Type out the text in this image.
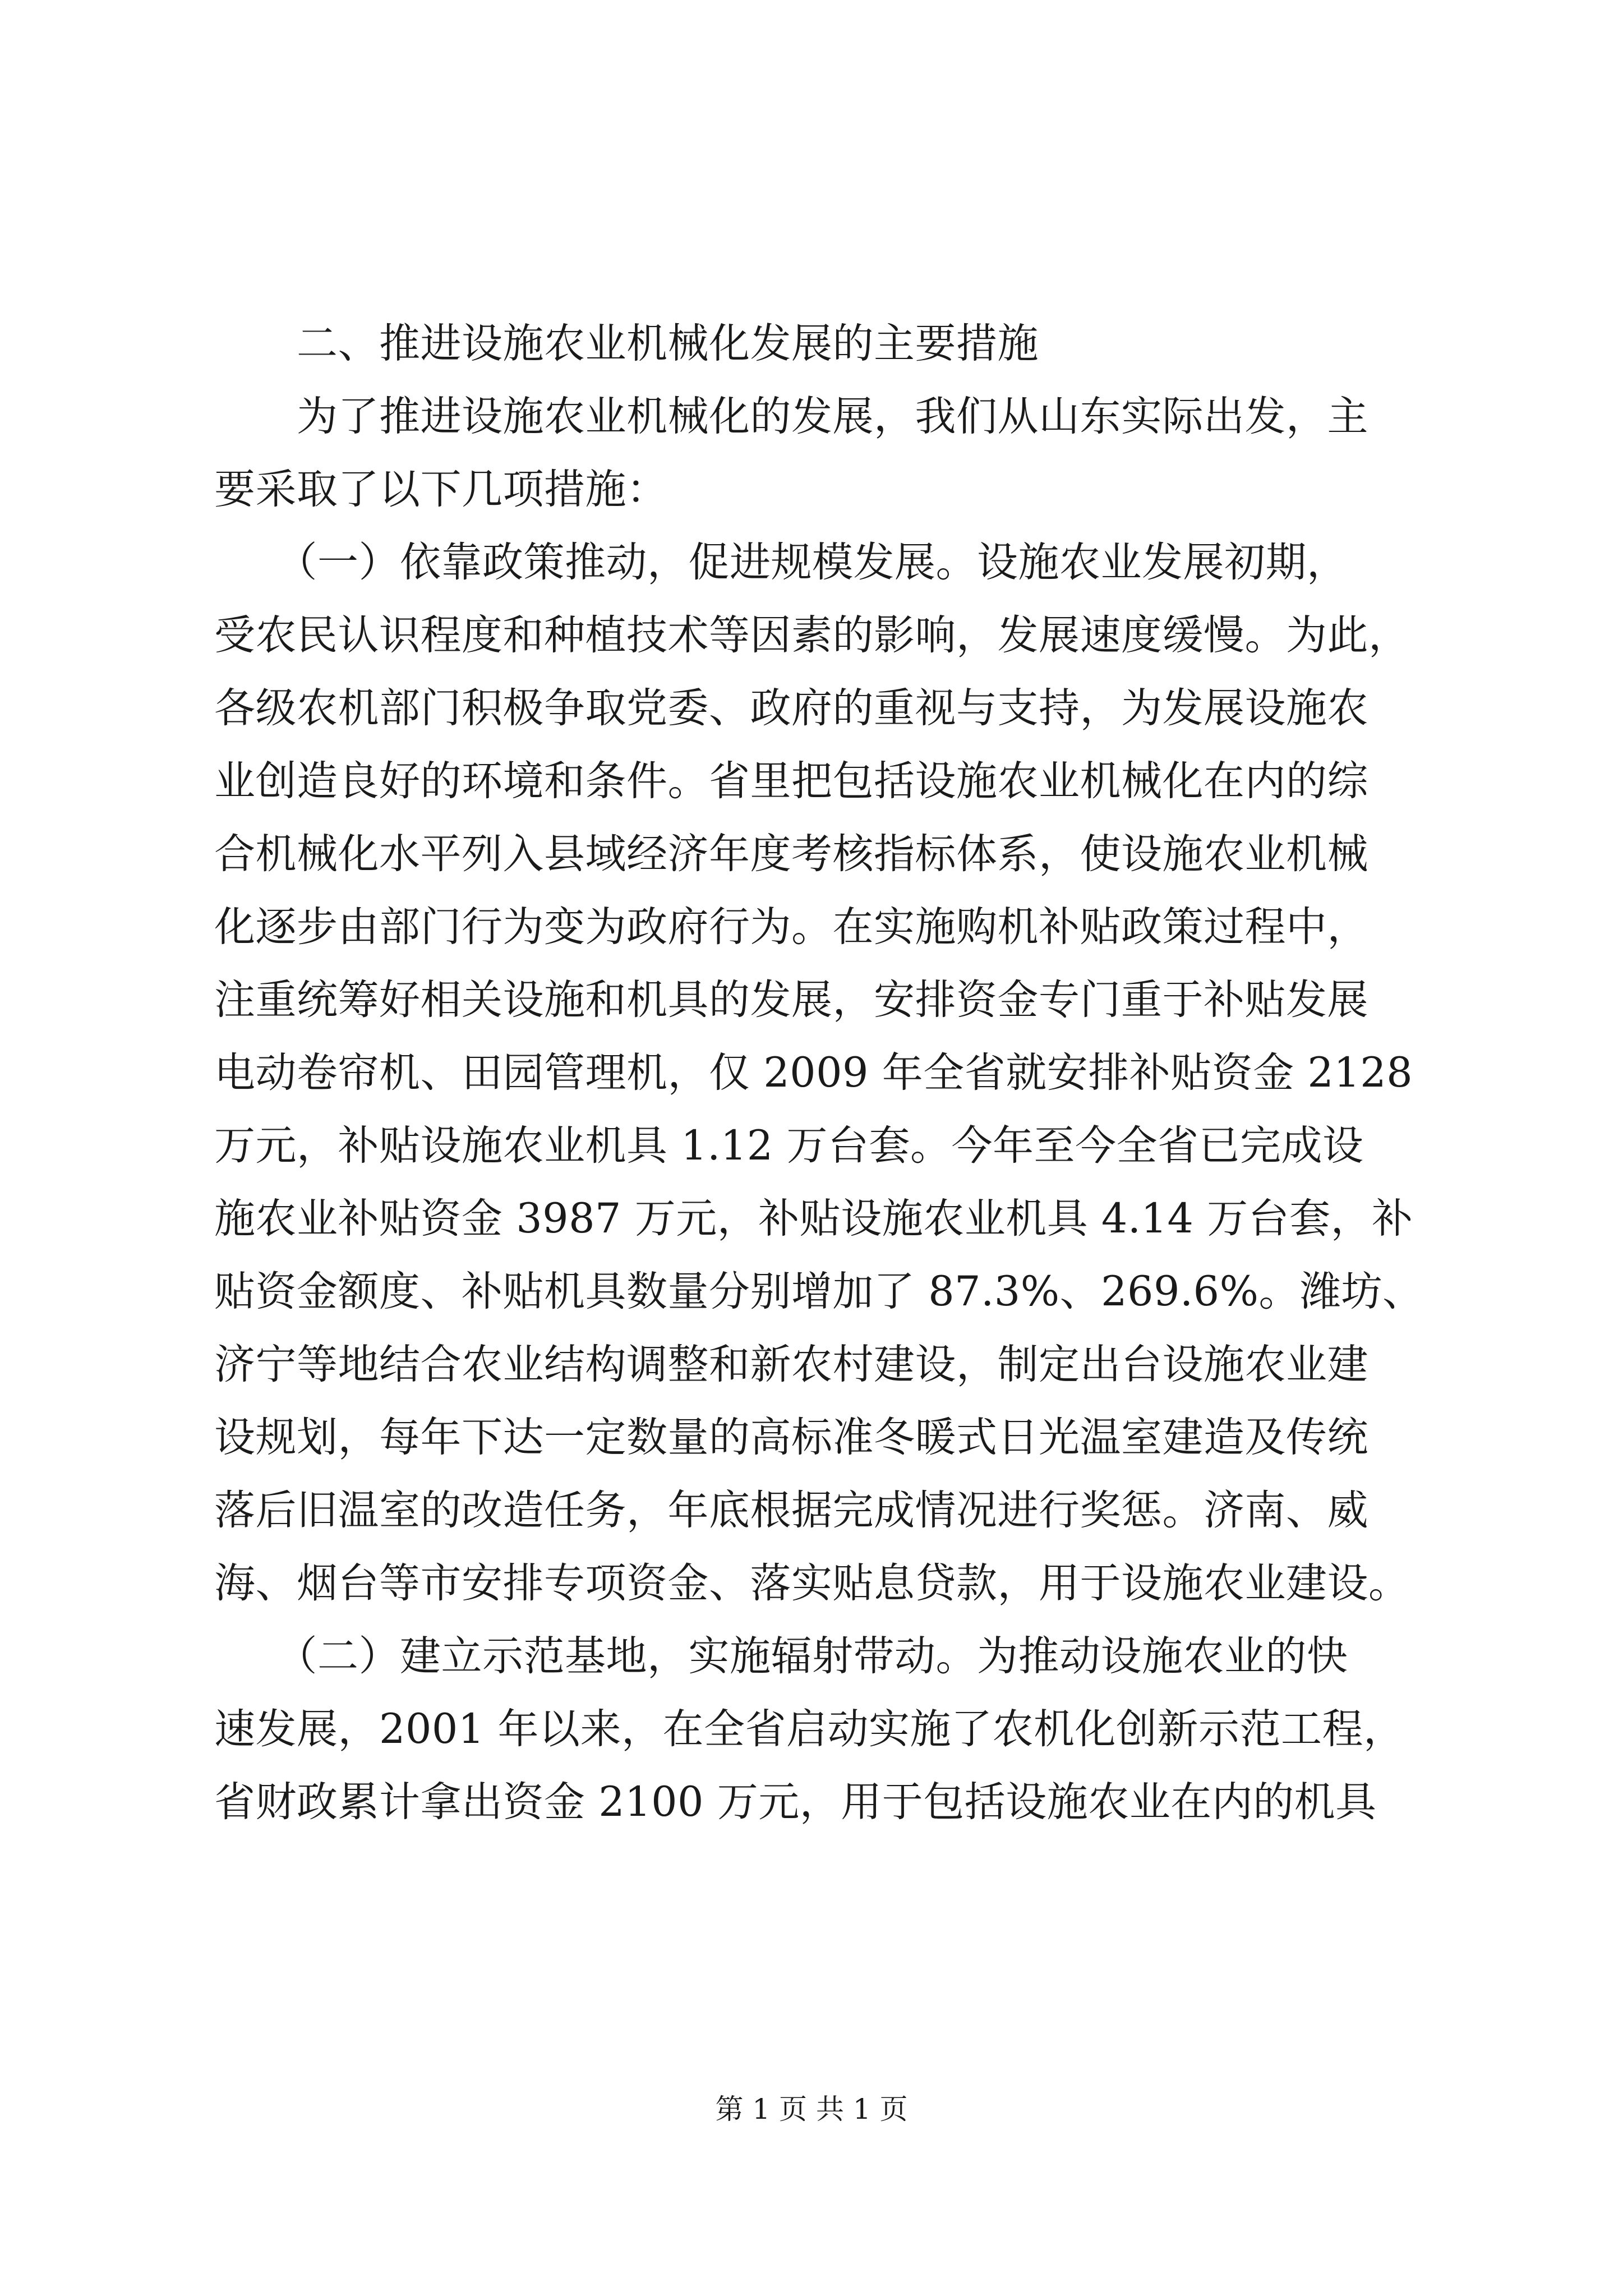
　　二、推进设施农业机械化发展的主要措施
　　为了推进设施农业机械化的发展，我们从山东实际出发，主
要采取了以下几项措施：
　　（一）依靠政策推动，促进规模发展。设施农业发展初期，
受农民认识程度和种植技术等因素的影响，发展速度缓慢。为此，
各级农机部门积极争取党委、政府的重视与支持，为发展设施农
业创造良好的环境和条件。省里把包括设施农业机械化在内的综
合机械化水平列入县域经济年度考核指标体系，使设施农业机械
化逐步由部门行为变为政府行为。在实施购机补贴政策过程中，
注重统筹好相关设施和机具的发展，安排资金专门重于补贴发展
电动卷帘机、田园管理机，仅 2009 年全省就安排补贴资金 2128
万元，补贴设施农业机具 1.12 万台套。今年至今全省已完成设
施农业补贴资金 3987 万元，补贴设施农业机具 4.14 万台套，补
贴资金额度、补贴机具数量分别增加了 87.3%、269.6%。潍坊、
济宁等地结合农业结构调整和新农村建设，制定出台设施农业建
设规划，每年下达一定数量的高标准冬暖式日光温室建造及传统
落后旧温室的改造任务，年底根据完成情况进行奖惩。济南、威
海、烟台等市安排专项资金、落实贴息贷款，用于设施农业建设。
　　（二）建立示范基地，实施辐射带动。为推动设施农业的快
速发展，2001 年以来，在全省启动实施了农机化创新示范工程，
省财政累计拿出资金 2100 万元，用于包括设施农业在内的机具
第 1 页 共 1 页
